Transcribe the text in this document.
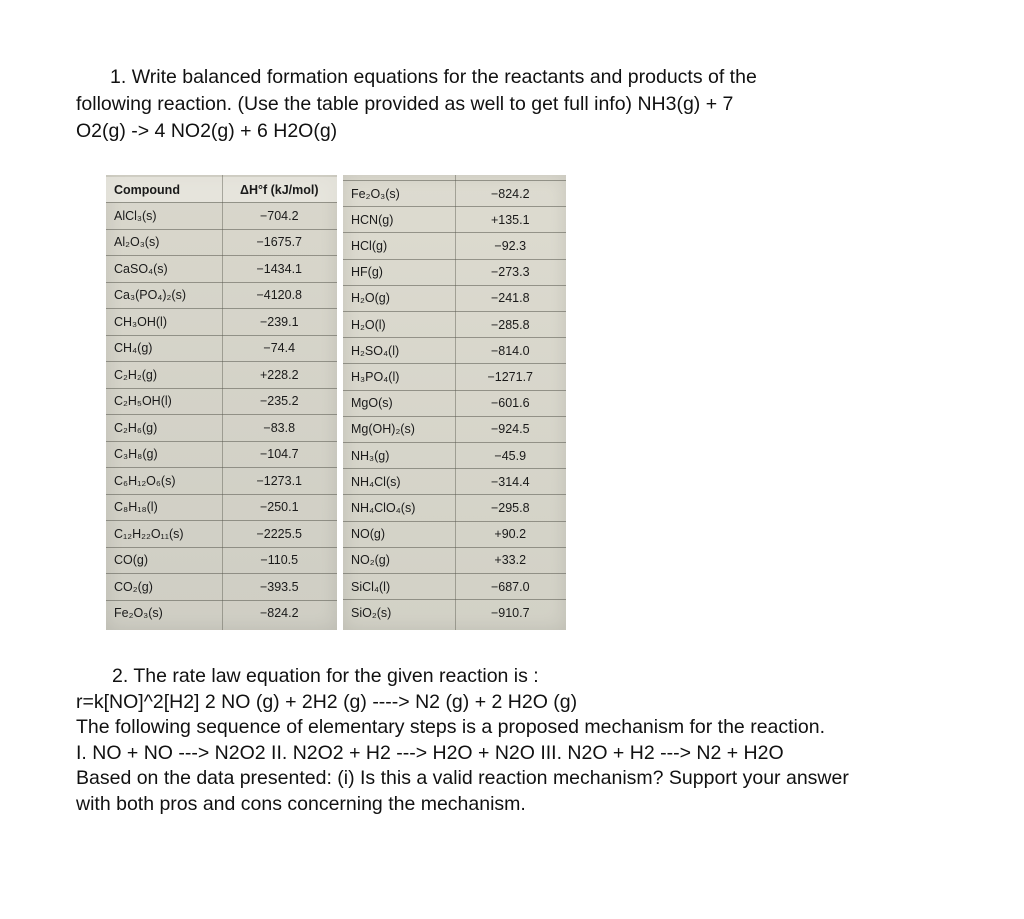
1. Write balanced formation equations for the reactants and products of the
following reaction. (Use the table provided as well to get full info) NH3(g) + 7
O2(g) -> 4 NO2(g) + 6 H2O(g)
Compound	ΔH°f (kJ/mol)
AlCl₃(s)	−704.2
Al₂O₃(s)	−1675.7
CaSO₄(s)	−1434.1
Ca₃(PO₄)₂(s)	−4120.8
CH₃OH(l)	−239.1
CH₄(g)	−74.4
C₂H₂(g)	+228.2
C₂H₅OH(l)	−235.2
C₂H₆(g)	−83.8
C₃H₈(g)	−104.7
C₆H₁₂O₆(s)	−1273.1
C₈H₁₈(l)	−250.1
C₁₂H₂₂O₁₁(s)	−2225.5
CO(g)	−110.5
CO₂(g)	−393.5
Fe₂O₃(s)	−824.2
Fe₂O₃(s)	−824.2
HCN(g)	+135.1
HCl(g)	−92.3
HF(g)	−273.3
H₂O(g)	−241.8
H₂O(l)	−285.8
H₂SO₄(l)	−814.0
H₃PO₄(l)	−1271.7
MgO(s)	−601.6
Mg(OH)₂(s)	−924.5
NH₃(g)	−45.9
NH₄Cl(s)	−314.4
NH₄ClO₄(s)	−295.8
NO(g)	+90.2
NO₂(g)	+33.2
SiCl₄(l)	−687.0
SiO₂(s)	−910.7
2. The rate law equation for the given reaction is :
r=k[NO]^2[H2] 2 NO (g) + 2H2 (g) ----> N2 (g) + 2 H2O (g)
The following sequence of elementary steps is a proposed mechanism for the reaction.
I. NO + NO ---> N2O2 II. N2O2 + H2 ---> H2O + N2O III. N2O + H2 ---> N2 + H2O
Based on the data presented: (i) Is this a valid reaction mechanism? Support your answer
with both pros and cons concerning the mechanism.
